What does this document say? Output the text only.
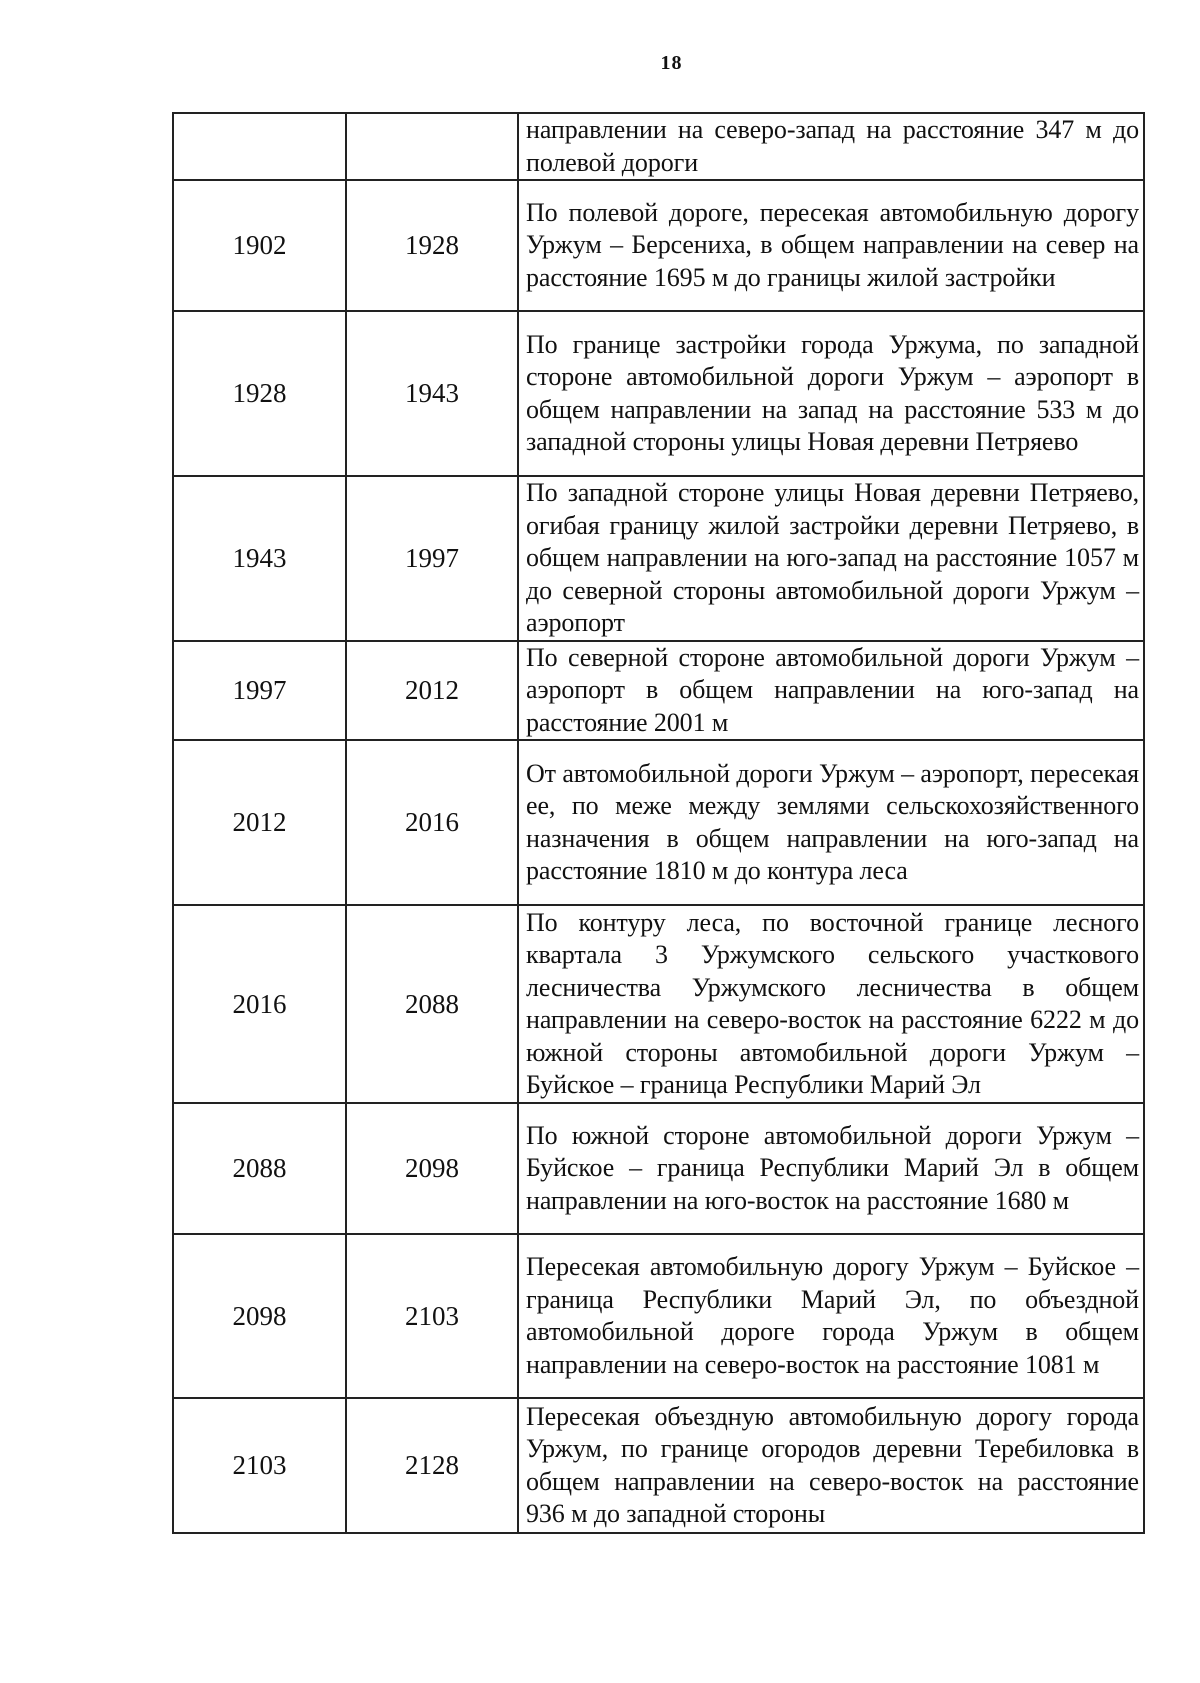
18
		направлении на северо-запад на расстояние 347 м до полевой дороги
1902	1928	По полевой дороге, пересекая автомобильную дорогу Уржум – Берсениха, в общем направлении на север на расстояние 1695 м до границы жилой застройки
1928	1943	По границе застройки города Уржума, по западной стороне автомобильной дороги Уржум – аэропорт в общем направлении на запад на расстояние 533 м до западной стороны улицы Новая деревни Петряево
1943	1997	По западной стороне улицы Новая деревни Петряево, огибая границу жилой застройки деревни Петряево, в общем направлении на юго-запад на расстояние 1057 м до северной стороны автомобильной дороги Уржум – аэропорт
1997	2012	По северной стороне автомобильной дороги Уржум – аэропорт в общем направлении на юго-запад на расстояние 2001 м
2012	2016	От автомобильной дороги Уржум – аэропорт, пересекая ее, по меже между землями сельскохозяйственного назначения в общем направлении на юго-запад на расстояние 1810 м до контура леса
2016	2088	По контуру леса, по восточной границе лесного квартала 3 Уржумского сельского участкового лесничества Уржумского лесничества в общем направлении на северо-восток на расстояние 6222 м до южной стороны автомобильной дороги Уржум – Буйское – граница Республики Марий Эл
2088	2098	По южной стороне автомобильной дороги Уржум – Буйское – граница Республики Марий Эл в общем направлении на юго-восток на расстояние 1680 м
2098	2103	Пересекая автомобильную дорогу Уржум – Буйское – граница Республики Марий Эл, по объездной автомобильной дороге города Уржум в общем направлении на северо-восток на расстояние 1081 м
2103	2128	Пересекая объездную автомобильную дорогу города Уржум, по границе огородов деревни Теребиловка в общем направлении на северо-восток на расстояние 936 м до западной стороны
